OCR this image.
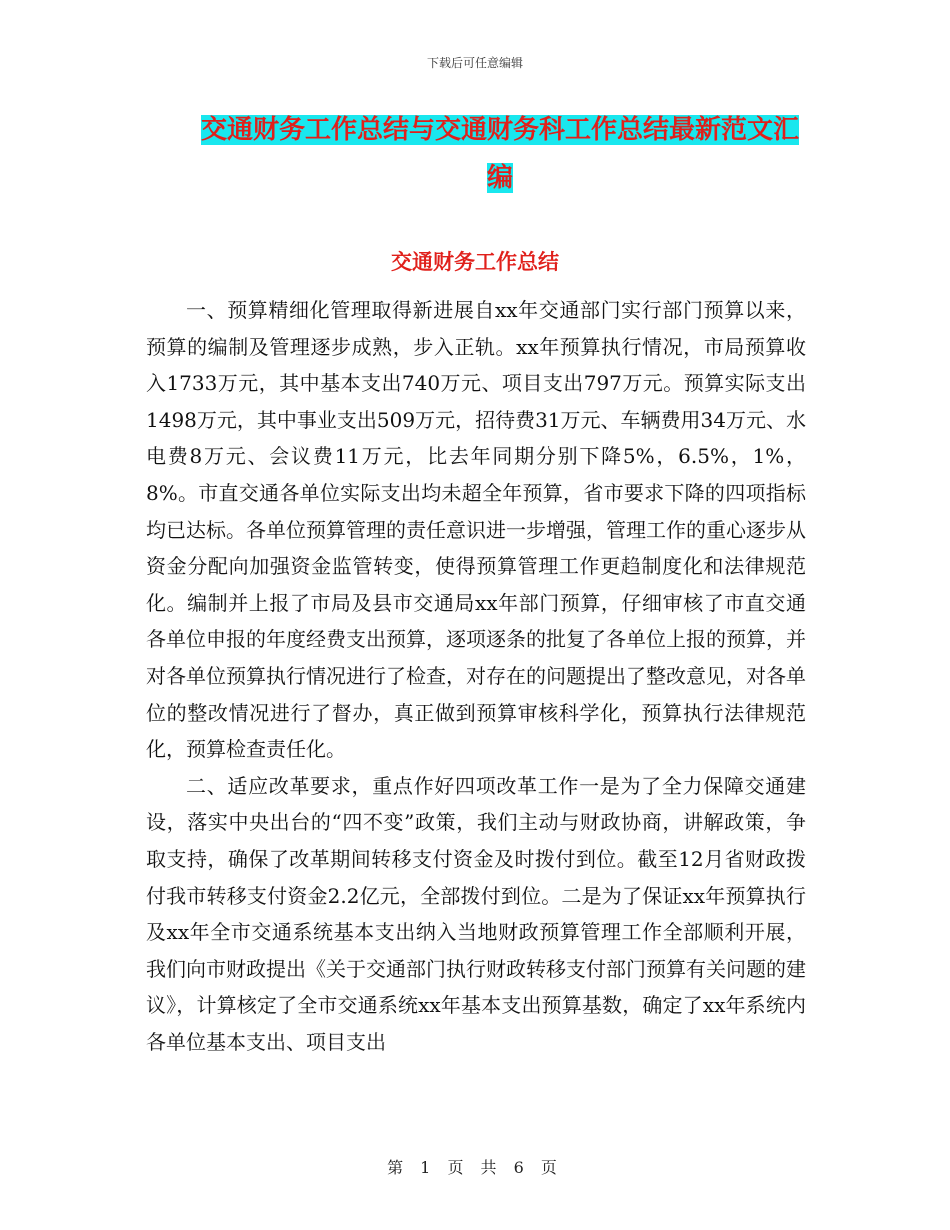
下载后可任意编辑
交通财务工作总结与交通财务科工作总结最新范文汇编
交通财务工作总结

一、预算精细化管理取得新进展自xx年交通部门实行部门预算以来，预算的编制及管理逐步成熟，步入正轨。xx年预算执行情况，市局预算收入1733万元，其中基本支出740万元、项目支出797万元。预算实际支出1498万元，其中事业支出509万元，招待费31万元、车辆费用34万元、水电费8万元、会议费11万元，比去年同期分别下降5%，6.5%，1%，8%。市直交通各单位实际支出均未超全年预算，省市要求下降的四项指标均已达标。各单位预算管理的责任意识进一步增强，管理工作的重心逐步从资金分配向加强资金监管转变，使得预算管理工作更趋制度化和法律规范化。编制并上报了市局及县市交通局xx年部门预算，仔细审核了市直交通各单位申报的年度经费支出预算，逐项逐条的批复了各单位上报的预算，并对各单位预算执行情况进行了检查，对存在的问题提出了整改意见，对各单位的整改情况进行了督办，真正做到预算审核科学化，预算执行法律规范化，预算检查责任化。

二、适应改革要求，重点作好四项改革工作一是为了全力保障交通建设，落实中央出台的“四不变”政策，我们主动与财政协商，讲解政策，争取支持，确保了改革期间转移支付资金及时拨付到位。截至12月省财政拨付我市转移支付资金2.2亿元，全部拨付到位。二是为了保证xx年预算执行及xx年全市交通系统基本支出纳入当地财政预算管理工作全部顺利开展，我们向市财政提出《关于交通部门执行财政转移支付部门预算有关问题的建议》，计算核定了全市交通系统xx年基本支出预算基数，确定了xx年系统内各单位基本支出、项目支出

第 1 页 共 6 页
